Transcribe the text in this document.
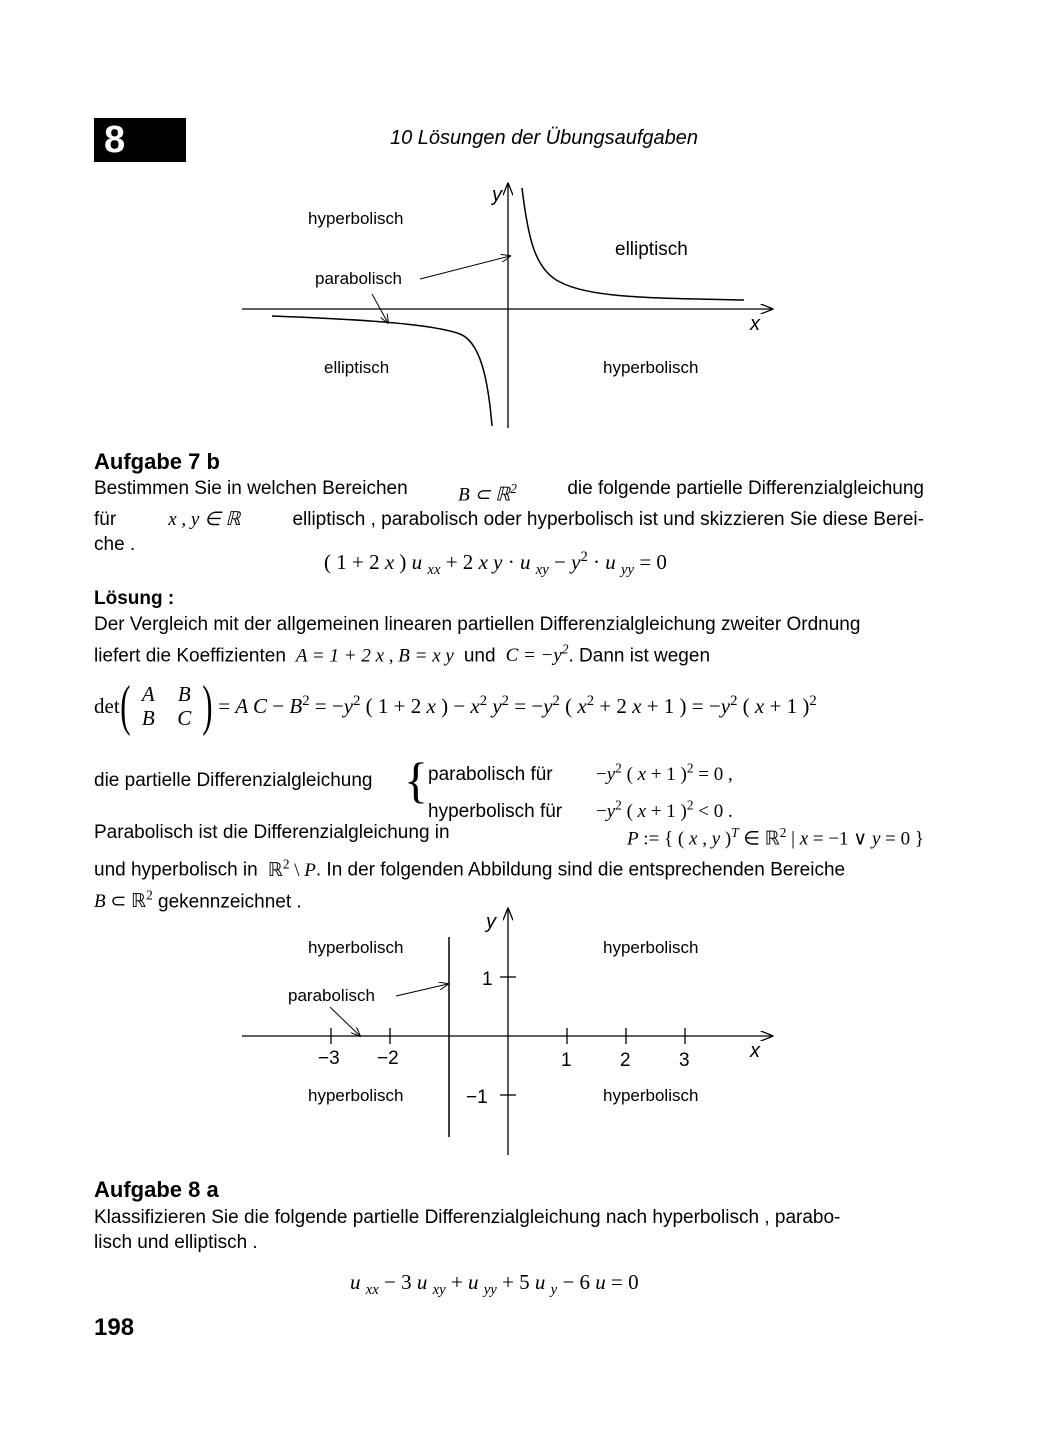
8	10 Lösungen der Übungsaufgaben
y
x
hyperbolisch
parabolisch
elliptisch
elliptisch	hyperbolisch
Aufgabe 7 b
Bestimmen Sie in welchen Bereichen	B ⊂ ℝ$^2$	die folgende partielle Differenzialgleichung
für	x , y ∈ ℝ	elliptisch , parabolisch oder hyperbolisch ist und skizzieren Sie diese Berei-
che .
( 1 + 2 x ) u $_{xx}$ + 2 x y · u $_{xy} - y^2 \cdot u$ $_{yy}$ = 0
Lösung :
Der Vergleich mit der allgemeinen linearen partiellen Differenzialgleichung zweiter Ordnung
liefert die Koeffizienten  A = 1 + 2 x , B = x y  und  $C = -y^2$. Dann ist wegen
det ( A	B
B	C ) = A $C - B^2 = -y^2$ ( 1 + 2 x ) − $x^2$ $y^2 = -y^2$ ( $x^2 + 2$ x + 1 ) = $-y^2$ ( x + 1 )$^2$
die partielle Differenzialgleichung { parabolisch für $-y^2$ ( x + 1 )$^2$ = 0 ,
hyperbolisch für $-y^2$ ( x + 1 )$^2$ < 0 .
Parabolisch ist die Differenzialgleichung in	P := { ( x , y )$^T$ ∈ ℝ$^2$ | x = −1 ∨ y = 0 }
und hyperbolisch in  ℝ$^2$ \ P. In der folgenden Abbildung sind die entsprechenden Bereiche
B ⊂ ℝ$^2$ gekennzeichnet .
y
x
−3 −2	1	2	3
1
−1
hyperbolisch	hyperbolisch
parabolisch
hyperbolisch	hyperbolisch
Aufgabe 8 a
Klassifizieren Sie die folgende partielle Differenzialgleichung nach hyperbolisch , parabo-
lisch und elliptisch .
u $_{xx}$ − 3 u $_{xy}$ + u $_{yy}$ + 5 u $_y$ − 6 u = 0
198
